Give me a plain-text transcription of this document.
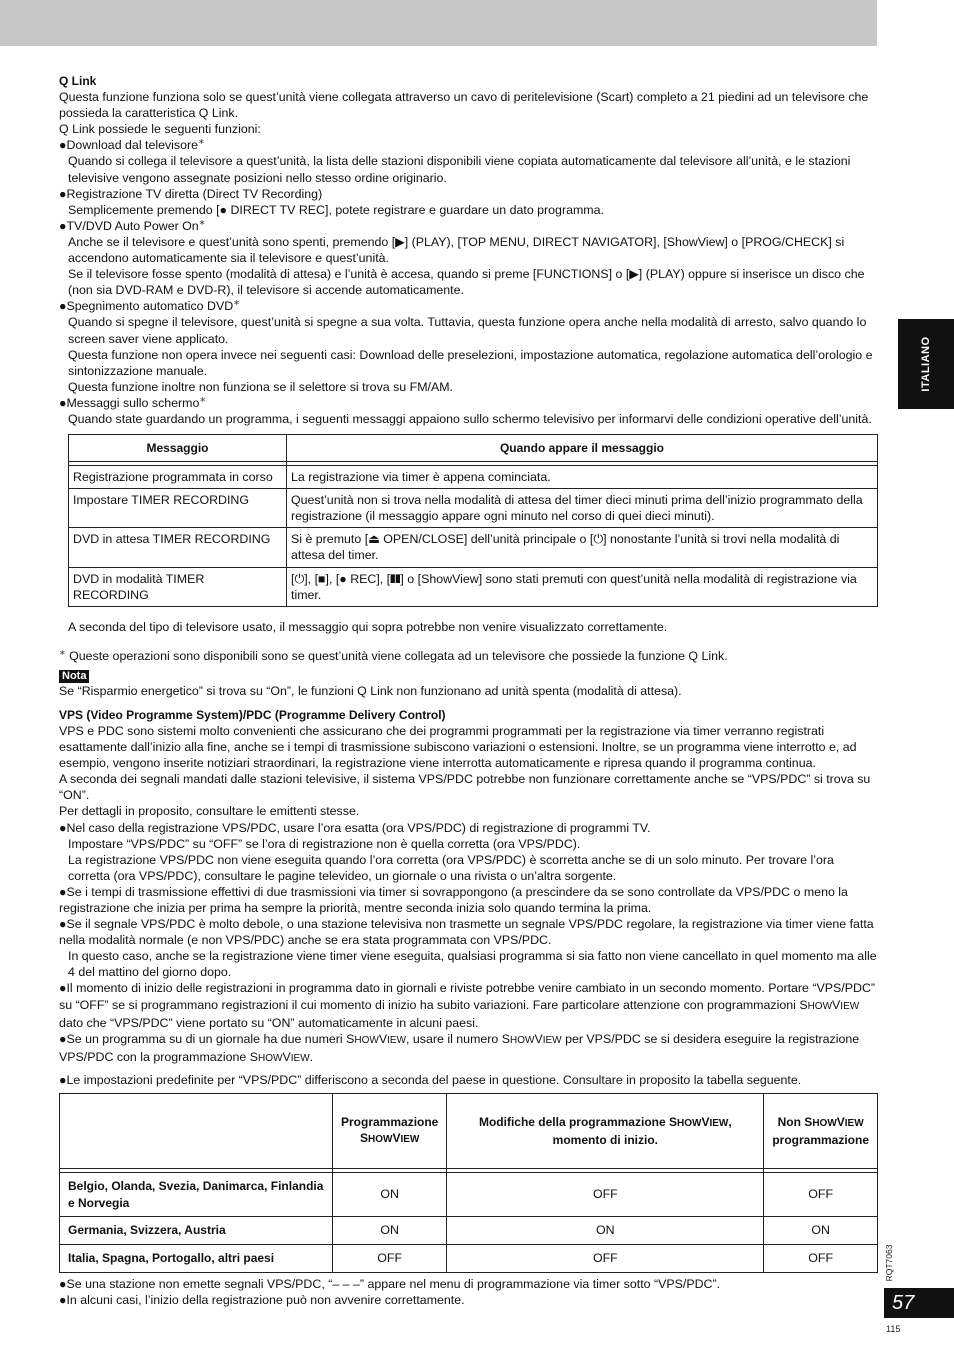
Q Link

Questa funzione funziona solo se quest’unità viene collegata attraverso un cavo di peritelevisione (Scart) completo a 21 piedini ad un televisore che possieda la caratteristica Q Link.

Q Link possiede le seguenti funzioni:

●Download dal televisore∗

Quando si collega il televisore a quest’unità, la lista delle stazioni disponibili viene copiata automaticamente dal televisore all’unità, e le stazioni televisive vengono assegnate posizioni nello stesso ordine originario.

●Registrazione TV diretta (Direct TV Recording)

Semplicemente premendo [● DIRECT TV REC], potete registrare e guardare un dato programma.

●TV/DVD Auto Power On∗

Anche se il televisore e quest’unità sono spenti, premendo [▶] (PLAY), [TOP MENU, DIRECT NAVIGATOR], [ShowView] o [PROG/CHECK] si accendono automaticamente sia il televisore e quest’unità.

Se il televisore fosse spento (modalità di attesa) e l’unità è accesa, quando si preme [FUNCTIONS] o [▶] (PLAY) oppure si inserisce un disco che (non sia DVD-RAM e DVD-R), il televisore si accende automaticamente.

●Spegnimento automatico DVD∗

Quando si spegne il televisore, quest’unità si spegne a sua volta. Tuttavia, questa funzione opera anche nella modalità di arresto, salvo quando lo screen saver viene applicato.

Questa funzione non opera invece nei seguenti casi: Download delle preselezioni, impostazione automatica, regolazione automatica dell’orologio e sintonizzazione manuale.

Questa funzione inoltre non funziona se il selettore si trova su FM/AM.

●Messaggi sullo schermo∗

Quando state guardando un programma, i seguenti messaggi appaiono sullo schermo televisivo per informarvi delle condizioni operative dell’unità.

Messaggio	Quando appare il messaggio

Registrazione programmata in corso	La registrazione via timer è appena cominciata.
Impostare TIMER RECORDING	Quest’unità non si trova nella modalità di attesa del timer dieci minuti prima dell’inizio programmato della registrazione (il messaggio appare ogni minuto nel corso di quei dieci minuti).
DVD in attesa TIMER RECORDING	Si è premuto [⏏ OPEN/CLOSE] dell’unità principale o [⏻] nonostante l’unità si trovi nella modalità di attesa del timer.
DVD in modalità TIMER RECORDING	[⏻], [■], [● REC], [❚❚] o [ShowView] sono stati premuti con quest’unità nella modalità di registrazione via timer.

A seconda del tipo di televisore usato, il messaggio qui sopra potrebbe non venire visualizzato correttamente.

∗ Queste operazioni sono disponibili sono se quest’unità viene collegata ad un televisore che possiede la funzione Q Link.

Nota

Se “Risparmio energetico” si trova su “On”, le funzioni Q Link non funzionano ad unità spenta (modalità di attesa).

VPS (Video Programme System)/PDC (Programme Delivery Control)

VPS e PDC sono sistemi molto convenienti che assicurano che dei programmi programmati per la registrazione via timer verranno registrati esattamente dall’inizio alla fine, anche se i tempi di trasmissione subiscono variazioni o estensioni. Inoltre, se un programma viene interrotto e, ad esempio, vengono inserite notiziari straordinari, la registrazione viene interrotta automaticamente e ripresa quando il programma continua.

A seconda dei segnali mandati dalle stazioni televisive, il sistema VPS/PDC potrebbe non funzionare correttamente anche se “VPS/PDC” si trova su “ON”.

Per dettagli in proposito, consultare le emittenti stesse.

●Nel caso della registrazione VPS/PDC, usare l’ora esatta (ora VPS/PDC) di registrazione di programmi TV.

Impostare “VPS/PDC” su “OFF” se l’ora di registrazione non è quella corretta (ora VPS/PDC).

La registrazione VPS/PDC non viene eseguita quando l’ora corretta (ora VPS/PDC) è scorretta anche se di un solo minuto. Per trovare l’ora corretta (ora VPS/PDC), consultare le pagine televideo, un giornale o una rivista o un’altra sorgente.

●Se i tempi di trasmissione effettivi di due trasmissioni via timer si sovrappongono (a prescindere da se sono controllate da VPS/PDC o meno la registrazione che inizia per prima ha sempre la priorità, mentre seconda inizia solo quando termina la prima.

●Se il segnale VPS/PDC è molto debole, o una stazione televisiva non trasmette un segnale VPS/PDC regolare, la registrazione via timer viene fatta nella modalità normale (e non VPS/PDC) anche se era stata programmata con VPS/PDC.

In questo caso, anche se la registrazione viene timer viene eseguita, qualsiasi programma si sia fatto non viene cancellato in quel momento ma alle 4 del mattino del giorno dopo.

●Il momento di inizio delle registrazioni in programma dato in giornali e riviste potrebbe venire cambiato in un secondo momento. Portare “VPS/PDC” su “OFF” se si programmano registrazioni il cui momento di inizio ha subito variazioni. Fare particolare attenzione con programmazioni SHOWVIEW dato che “VPS/PDC” viene portato su “ON” automaticamente in alcuni paesi.

●Se un programma su di un giornale ha due numeri SHOWVIEW, usare il numero SHOWVIEW per VPS/PDC se si desidera eseguire la registrazione VPS/PDC con la programmazione SHOWVIEW.

●Le impostazioni predefinite per “VPS/PDC” differiscono a seconda del paese in questione. Consultare in proposito la tabella seguente.

	Programmazione
SHOWVIEW	Modifiche della programmazione SHOWVIEW, momento di inizio.	Non SHOWVIEW
programmazione

Belgio, Olanda, Svezia, Danimarca, Finlandia e Norvegia	ON	OFF	OFF
Germania, Svizzera, Austria	ON	ON	ON
Italia, Spagna, Portogallo, altri paesi	OFF	OFF	OFF

●Se una stazione non emette segnali VPS/PDC, “– – –” appare nel menu di programmazione via timer sotto “VPS/PDC”.

●In alcuni casi, l’inizio della registrazione può non avvenire correttamente.

ITALIANO
RQT7063
57
115
